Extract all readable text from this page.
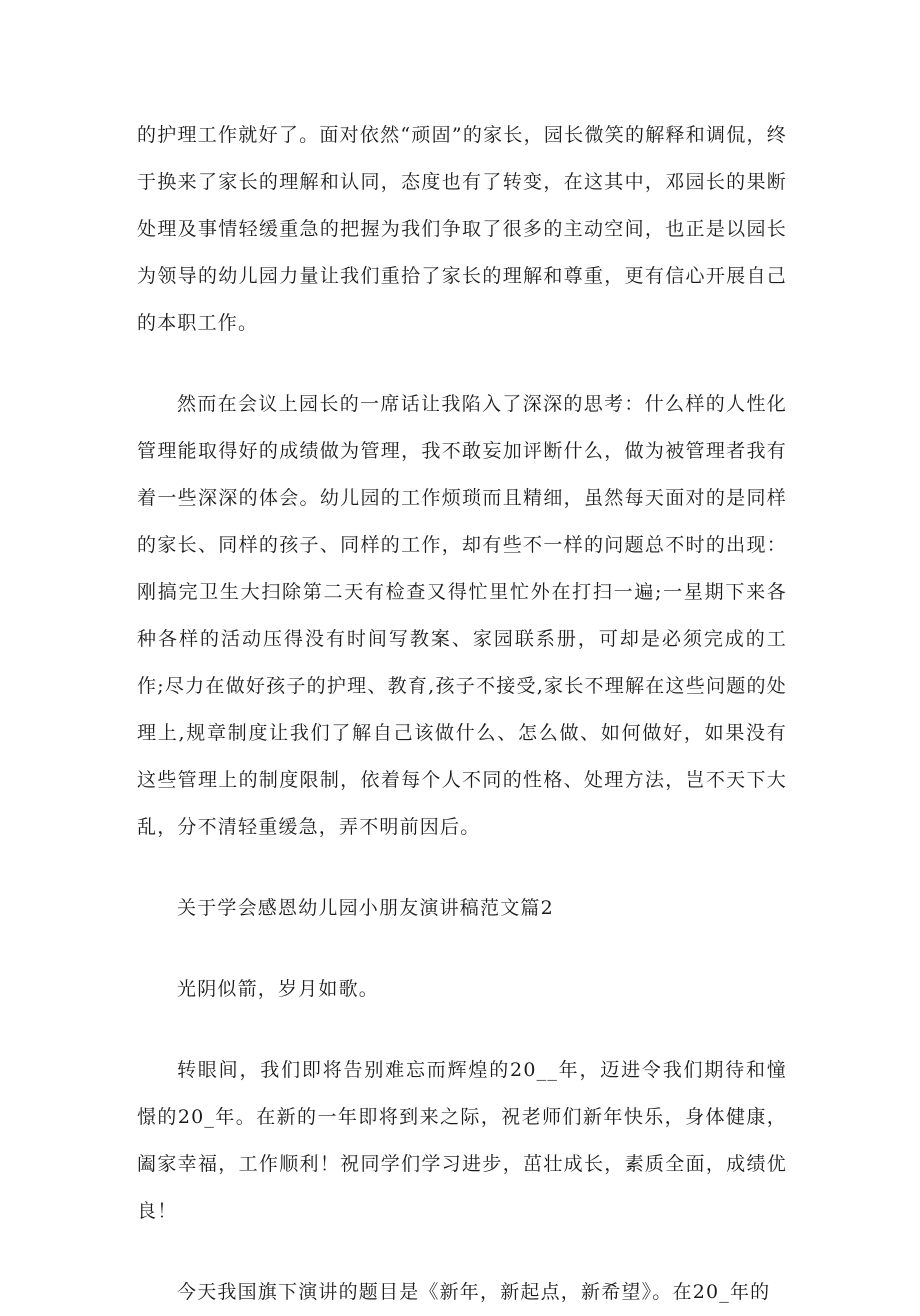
的护理工作就好了。面对依然“顽固”的家长，园长微笑的解释和调侃，终于换来了家长的理解和认同，态度也有了转变，在这其中，邓园长的果断处理及事情轻缓重急的把握为我们争取了很多的主动空间，也正是以园长为领导的幼儿园力量让我们重拾了家长的理解和尊重，更有信心开展自己的本职工作。

然而在会议上园长的一席话让我陷入了深深的思考：什么样的人性化管理能取得好的成绩做为管理，我不敢妄加评断什么，做为被管理者我有着一些深深的体会。幼儿园的工作烦琐而且精细，虽然每天面对的是同样的家长、同样的孩子、同样的工作，却有些不一样的问题总不时的出现：刚搞完卫生大扫除第二天有检查又得忙里忙外在打扫一遍;一星期下来各种各样的活动压得没有时间写教案、家园联系册，可却是必须完成的工作;尽力在做好孩子的护理、教育,孩子不接受,家长不理解在这些问题的处理上,规章制度让我们了解自己该做什么、怎么做、如何做好，如果没有这些管理上的制度限制，依着每个人不同的性格、处理方法，岂不天下大乱，分不清轻重缓急，弄不明前因后。

关于学会感恩幼儿园小朋友演讲稿范文篇2

光阴似箭，岁月如歌。

转眼间，我们即将告别难忘而辉煌的20__年，迈进令我们期待和憧憬的20_年。在新的一年即将到来之际，祝老师们新年快乐，身体健康，阖家幸福，工作顺利！祝同学们学习进步，茁壮成长，素质全面，成绩优良！

今天我国旗下演讲的题目是《新年，新起点，新希望》。在20_年的
